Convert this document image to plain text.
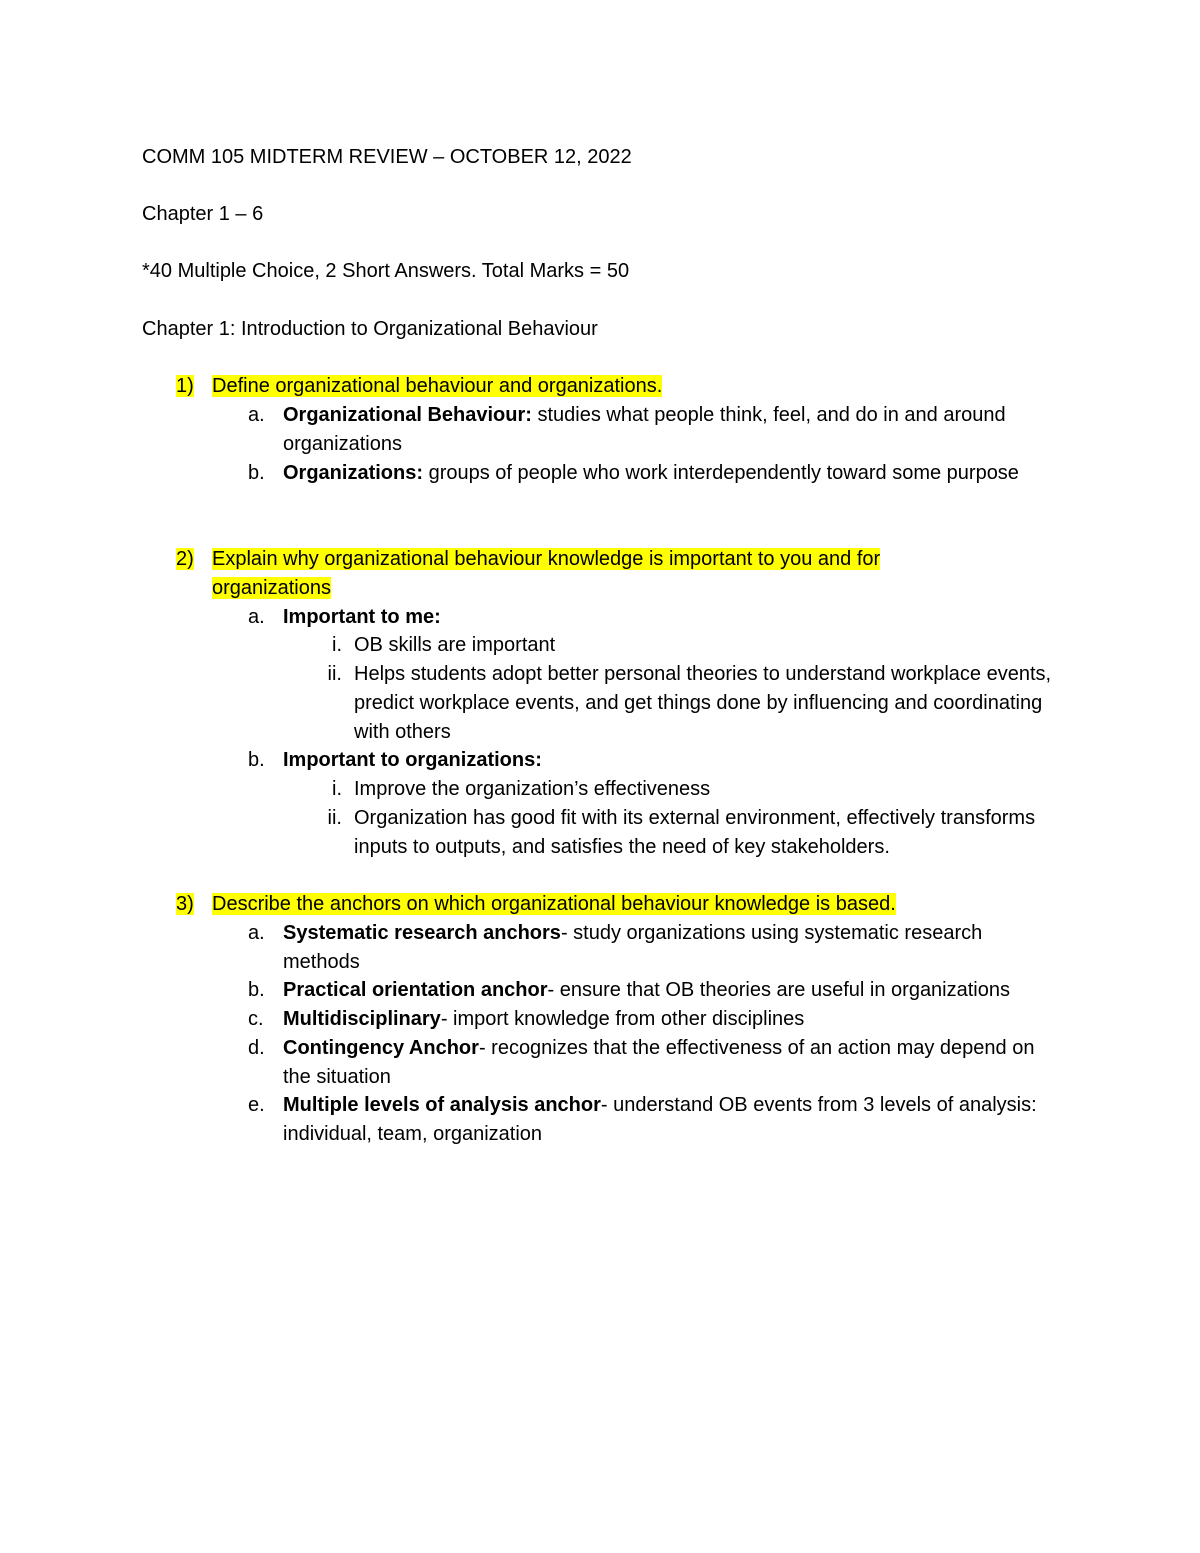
COMM 105 MIDTERM REVIEW – OCTOBER 12, 2022
Chapter 1 – 6
*40 Multiple Choice, 2 Short Answers. Total Marks = 50
Chapter 1: Introduction to Organizational Behaviour
1) Define organizational behaviour and organizations.
a. Organizational Behaviour: studies what people think, feel, and do in and around organizations
b. Organizations: groups of people who work interdependently toward some purpose
2) Explain why organizational behaviour knowledge is important to you and for organizations
a. Important to me:
i. OB skills are important
ii. Helps students adopt better personal theories to understand workplace events, predict workplace events, and get things done by influencing and coordinating with others
b. Important to organizations:
i. Improve the organization’s effectiveness
ii. Organization has good fit with its external environment, effectively transforms inputs to outputs, and satisfies the need of key stakeholders.
3) Describe the anchors on which organizational behaviour knowledge is based.
a. Systematic research anchors- study organizations using systematic research methods
b. Practical orientation anchor- ensure that OB theories are useful in organizations
c. Multidisciplinary- import knowledge from other disciplines
d. Contingency Anchor- recognizes that the effectiveness of an action may depend on the situation
e. Multiple levels of analysis anchor- understand OB events from 3 levels of analysis: individual, team, organization
